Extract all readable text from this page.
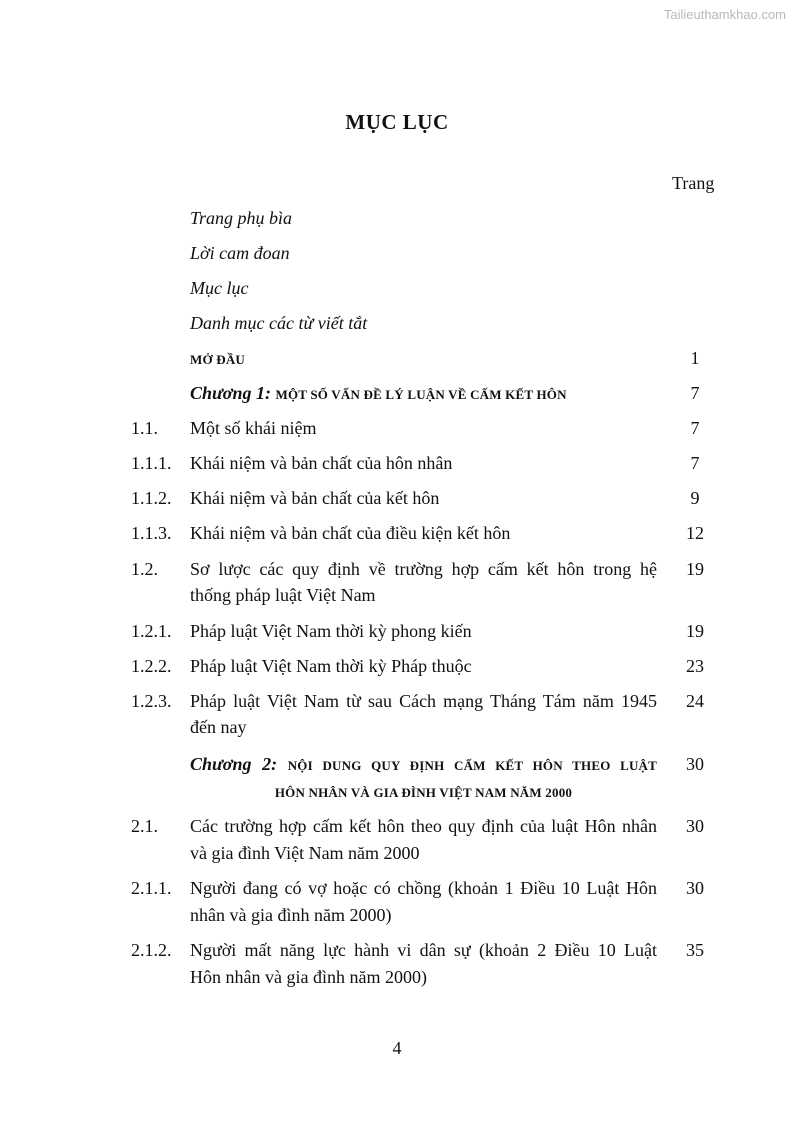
Tailieuthamkhao.com
MỤC LỤC
Trang
Trang phụ bìa
Lời cam đoan
Mục lục
Danh mục các từ viết tắt
MỞ ĐẦU	1
Chương 1: MỘT SỐ VẤN ĐỀ LÝ LUẬN VỀ CẤM KẾT HÔN	7
1.1. Một số khái niệm	7
1.1.1. Khái niệm và bản chất của hôn nhân	7
1.1.2. Khái niệm và bản chất của kết hôn	9
1.1.3. Khái niệm và bản chất của điều kiện kết hôn	12
1.2. Sơ lược các quy định về trường hợp cấm kết hôn trong hệ	19
thống pháp luật Việt Nam
1.2.1. Pháp luật Việt Nam thời kỳ phong kiến	19
1.2.2. Pháp luật Việt Nam thời kỳ Pháp thuộc	23
1.2.3. Pháp luật Việt Nam từ sau Cách mạng Tháng Tám năm 1945	24
đến nay
Chương 2: NỘI DUNG QUY ĐỊNH CẤM KẾT HÔN THEO LUẬT	30
HÔN NHÂN VÀ GIA ĐÌNH VIỆT NAM NĂM 2000
2.1. Các trường hợp cấm kết hôn theo quy định của luật Hôn nhân	30
và gia đình Việt Nam năm 2000
2.1.1. Người đang có vợ hoặc có chồng (khoản 1 Điều 10 Luật Hôn	30
nhân và gia đình năm 2000)
2.1.2. Người mất năng lực hành vi dân sự (khoản 2 Điều 10 Luật	35
Hôn nhân và gia đình năm 2000)
4
